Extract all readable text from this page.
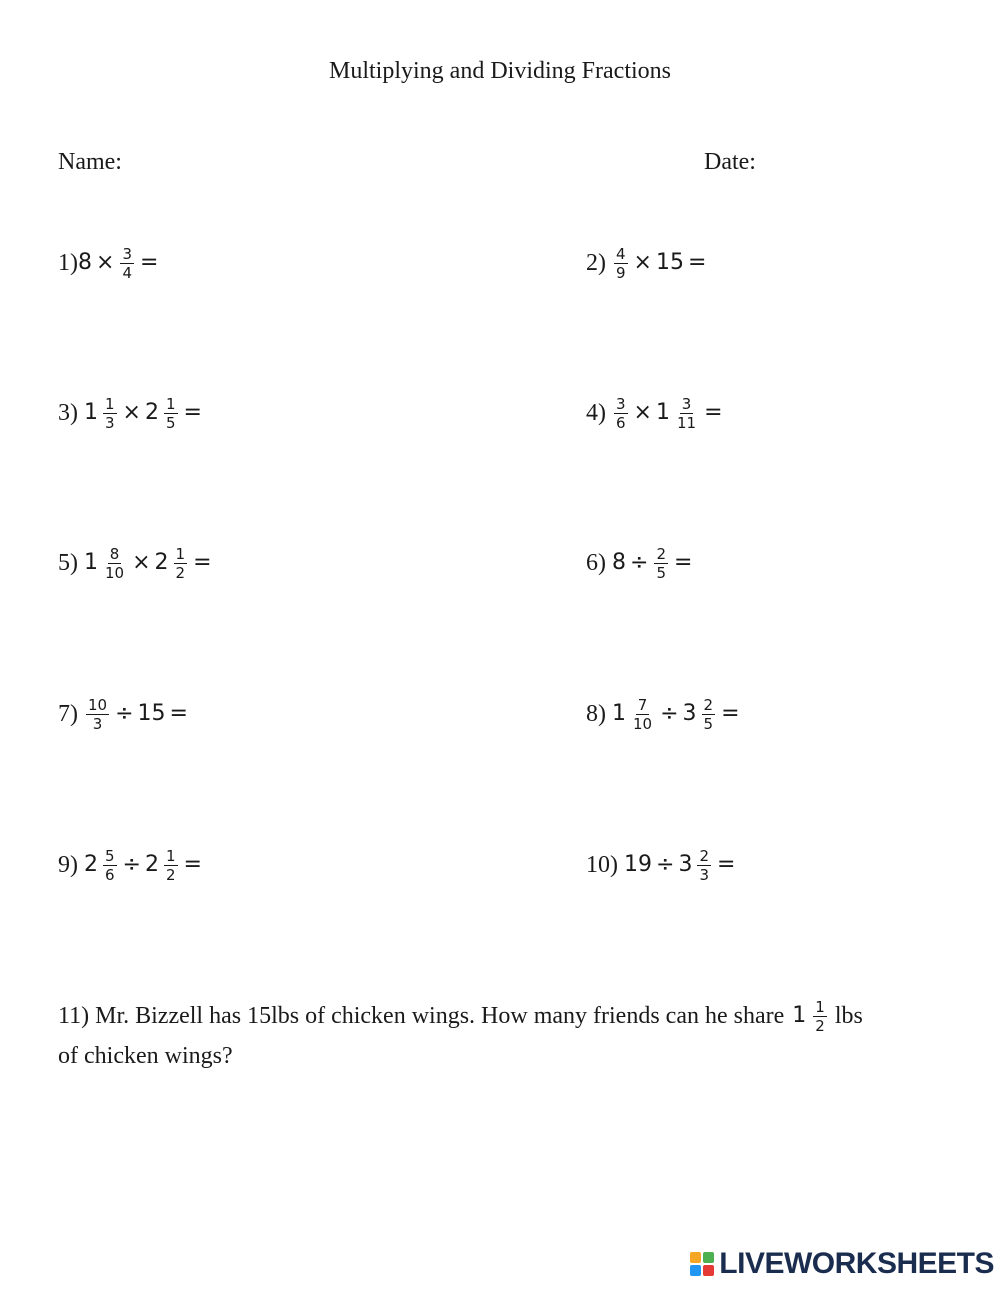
Multiplying and Dividing Fractions
Name:	Date:
1) $8 \times \frac{3}{4}$ =	$2) \frac{4}{9} \times 15$ =
3) $1 \frac{1}{3} \times 2 \frac{1}{5}$ =	$4) \frac{3}{6} \times 1 \frac{3}{11}$ =
5) $1 \frac{8}{10} \times 2 \frac{1}{2}$ =	6) $8 \div \frac{2}{5}$ =
$7) \frac{10}{3} \div 15$ =	8) $1 \frac{7}{10} \div 3 \frac{2}{5}$ =
9) $2 \frac{5}{6} \div 2 \frac{1}{2}$ =	10) $19 \div 3 \frac{2}{3}$ =
11) Mr. Bizzell has 15lbs of chicken wings. How many friends can he share $1 \frac{1}{2}$ lbs
of chicken wings?
LIVEWORKSHEETS
